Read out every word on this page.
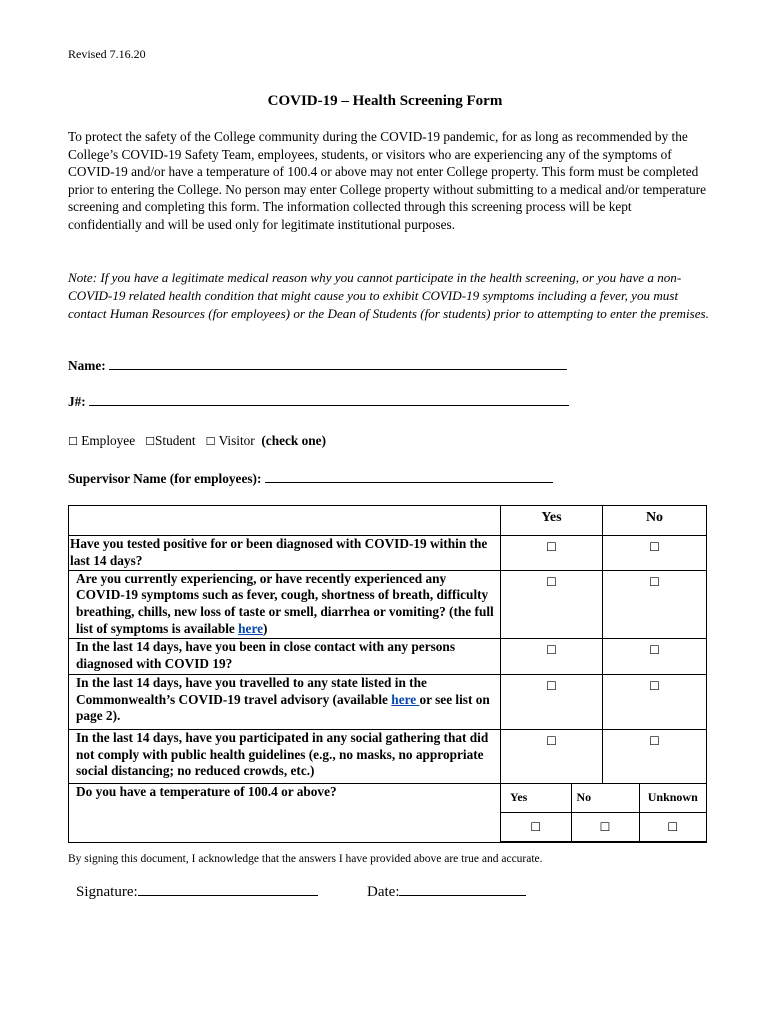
Revised 7.16.20
COVID-19 – Health Screening Form
To protect the safety of the College community during the COVID-19 pandemic, for as long as recommended by the College’s COVID-19 Safety Team, employees, students, or visitors who are experiencing any of the symptoms of COVID-19 and/or have a temperature of 100.4 or above may not enter College property. This form must be completed prior to entering the College. No person may enter College property without submitting to a medical and/or temperature screening and completing this form. The information collected through this screening process will be kept confidentially and will be used only for legitimate institutional purposes.
Note: If you have a legitimate medical reason why you cannot participate in the health screening, or you have a non-COVID-19 related health condition that might cause you to exhibit COVID-19 symptoms including a fever, you must contact Human Resources (for employees) or the Dean of Students (for students) prior to attempting to enter the premises.
Name:
J#:
☐ Employee ☐Student ☐ Visitor (check one)
Supervisor Name (for employees):
	Yes	No
Have you tested positive for or been diagnosed with COVID-19 within the last 14 days?	☐	☐
Are you currently experiencing, or have recently experienced any COVID-19 symptoms such as fever, cough, shortness of breath, difficulty breathing, chills, new loss of taste or smell, diarrhea or vomiting? (the full list of symptoms is available here)	☐	☐
In the last 14 days, have you been in close contact with any persons diagnosed with COVID 19?	☐	☐
In the last 14 days, have you travelled to any state listed in the Commonwealth’s COVID-19 travel advisory (available here or see list on page 2).	☐	☐
In the last 14 days, have you participated in any social gathering that did not comply with public health guidelines (e.g., no masks, no appropriate social distancing; no reduced crowds, etc.)	☐	☐
Do you have a temperature of 100.4 or above?		Yes	No	Unknown
☐	☐	☐
By signing this document, I acknowledge that the answers I have provided above are true and accurate.
Signature:	Date:
